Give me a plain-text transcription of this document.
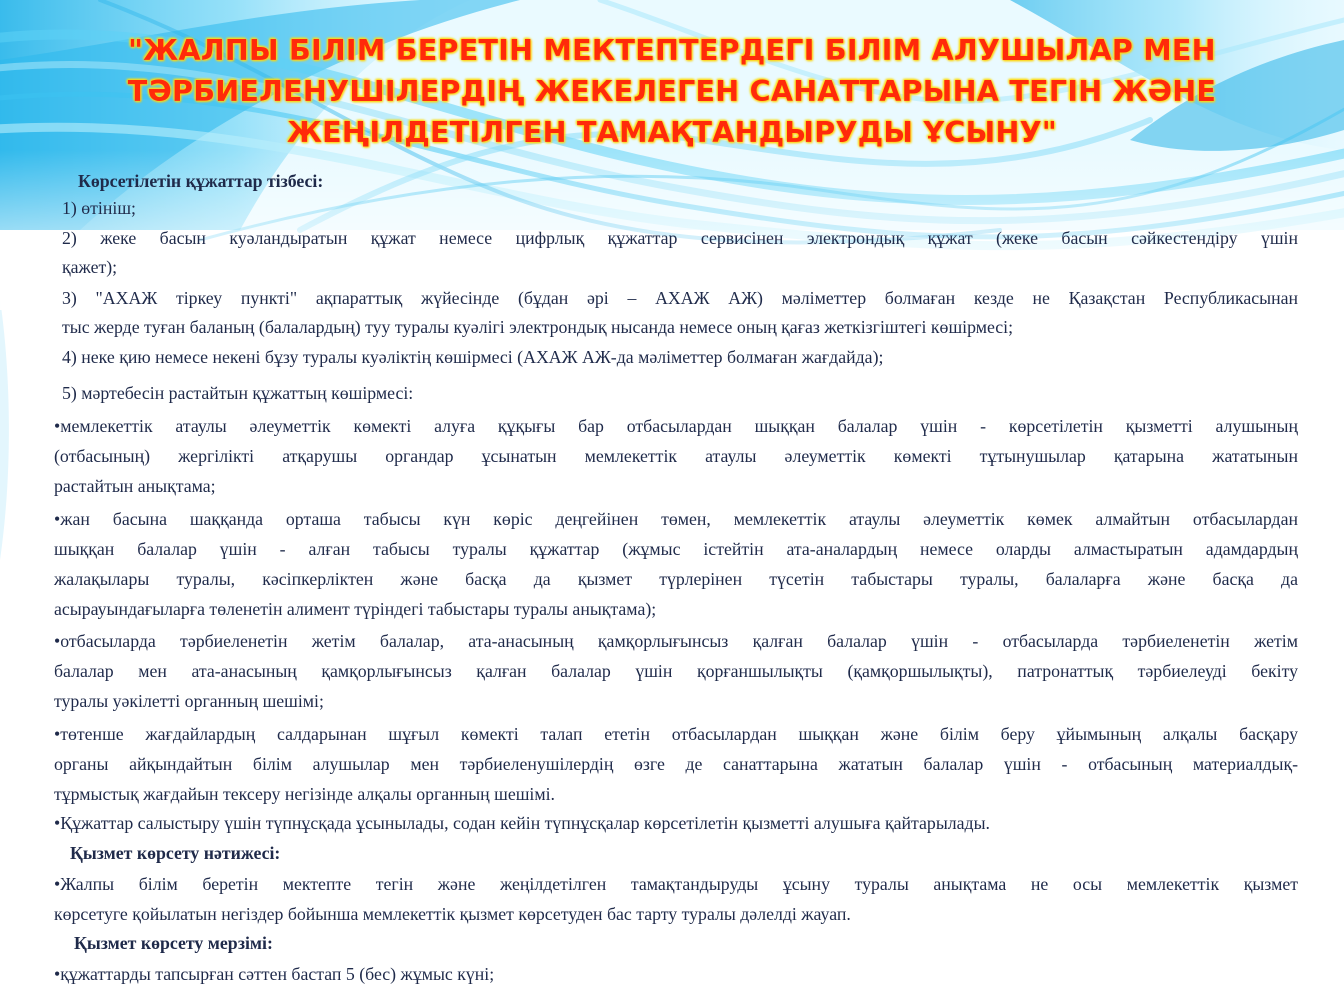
"ЖАЛПЫ БІЛІМ БЕРЕТІН МЕКТЕПТЕРДЕГІ БІЛІМ АЛУШЫЛАР МЕН
ТӘРБИЕЛЕНУШІЛЕРДІҢ ЖЕКЕЛЕГЕН САНАТТАРЫНА ТЕГІН ЖӘНЕ
ЖЕҢІЛДЕТІЛГЕН ТАМАҚТАНДЫРУДЫ ҰСЫНУ"
Көрсетілетін құжаттар тізбесі:
1) өтініш;
2) жеке басын куәландыратын құжат немесе цифрлық құжаттар сервисінен электрондық құжат (жеке басын сәйкестендіру үшін
қажет);
3) "АХАЖ тіркеу пункті" ақпараттық жүйесінде (бұдан әрі – АХАЖ АЖ) мәліметтер болмаған кезде не Қазақстан Республикасынан
тыс жерде туған баланың (балалардың) туу туралы куәлігі электрондық нысанда немесе оның қағаз жеткізгіштегі көшірмесі;
4) неке қию немесе некені бұзу туралы куәліктің көшірмесі (АХАЖ АЖ-да мәліметтер болмаған жағдайда);
5) мәртебесін растайтын құжаттың көшірмесі:
•мемлекеттік атаулы әлеуметтік көмекті алуға құқығы бар отбасылардан шыққан балалар үшін - көрсетілетін қызметті алушының
(отбасының) жергілікті атқарушы органдар ұсынатын мемлекеттік атаулы әлеуметтік көмекті тұтынушылар қатарына жататынын
растайтын анықтама;
•жан басына шаққанда орташа табысы күн көріс деңгейінен төмен, мемлекеттік атаулы әлеуметтік көмек алмайтын отбасылардан
шыққан балалар үшін - алған табысы туралы құжаттар (жұмыс істейтін ата-аналардың немесе оларды алмастыратын адамдардың
жалақылары туралы, кәсіпкерліктен және басқа да қызмет түрлерінен түсетін табыстары туралы, балаларға және басқа да
асырауындағыларға төленетін алимент түріндегі табыстары туралы анықтама);
•отбасыларда тәрбиеленетін жетім балалар, ата-анасының қамқорлығынсыз қалған балалар үшін - отбасыларда тәрбиеленетін жетім
балалар мен ата-анасының қамқорлығынсыз қалған балалар үшін қорғаншылықты (қамқоршылықты), патронаттық тәрбиелеуді бекіту
туралы уәкілетті органның шешімі;
•төтенше жағдайлардың салдарынан шұғыл көмекті талап ететін отбасылардан шыққан және білім беру ұйымының алқалы басқару
органы айқындайтын білім алушылар мен тәрбиеленушілердің өзге де санаттарына жататын балалар үшін - отбасының материалдық-
тұрмыстық жағдайын тексеру негізінде алқалы органның шешімі.
•Құжаттар салыстыру үшін түпнұсқада ұсынылады, содан кейін түпнұсқалар көрсетілетін қызметті алушыға қайтарылады.
Қызмет көрсету нәтижесі:
•Жалпы білім беретін мектепте тегін және жеңілдетілген тамақтандыруды ұсыну туралы анықтама не осы мемлекеттік қызмет
көрсетуге қойылатын негіздер бойынша мемлекеттік қызмет көрсетуден бас тарту туралы дәлелді жауап.
Қызмет көрсету мерзімі:
•құжаттарды тапсырған сәттен бастап 5 (бес) жұмыс күні;
